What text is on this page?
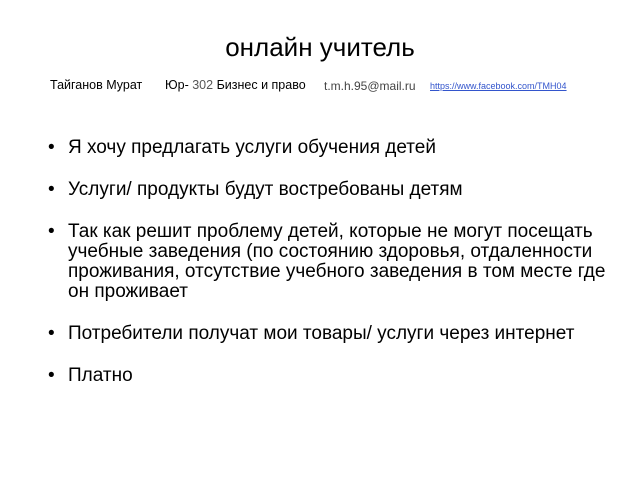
онлайн учитель
Тайганов Мурат Юр- 302 Бизнес и право t.m.h.95@mail.ru https://www.facebook.com/TMH04
• Я хочу предлагать услуги обучения детей
• Услуги/ продукты будут востребованы детям
• Так как решит проблему детей, которые не могут посещать учебные заведения (по состоянию здоровья, отдаленности проживания, отсутствие учебного заведения в том месте где он проживает
• Потребители получат мои товары/ услуги через интернет
• Платно
